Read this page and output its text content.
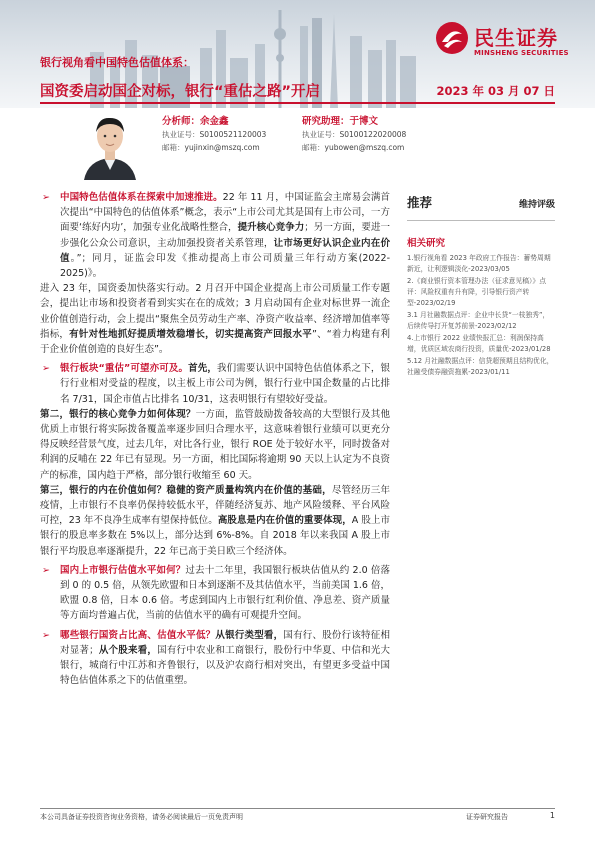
民生证券
MINSHENG SECURITIES
银行视角看中国特色估值体系：
国资委启动国企对标，银行“重估之路”开启	2023 年 03 月 07 日
分析师：余金鑫
执业证号：S0100521120003
邮箱：yujinxin@mszq.com
研究助理：于博文
执业证号：S0100122020008
邮箱：yubowen@mszq.com
➢ 中国特色估值体系在探索中加速推进。22 年 11 月，中国证监会主席易会满首次提出“中国特色的估值体系”概念，表示“上市公司尤其是国有上市公司，一方面要‘练好内功’，加强专业化战略性整合，提升核心竞争力；另一方面，要进一步强化公众公司意识，主动加强投资者关系管理，让市场更好认识企业内在价值。”；同月，证监会印发《推动提高上市公司质量三年行动方案(2022-2025)》。
进入 23 年，国资委加快落实行动。2 月召开中国企业提高上市公司质量工作专题会，提出让市场和投资者看到实实在在的成效；3 月启动国有企业对标世界一流企业价值创造行动，会上提出“聚焦全员劳动生产率、净资产收益率、经济增加值率等指标，有针对性地抓好提质增效稳增长，切实提高资产回报水平”、“着力构建有利于企业价值创造的良好生态”。
➢ 银行板块“重估”可望亦可及。首先，我们需要认识中国特色估值体系之下，银行行业相对受益的程度，以主板上市公司为例，银行行业中国企数量的占比排名 7/31，国企市值占比排名 10/31，这表明银行有望较好受益。
第二，银行的核心竞争力如何体现？一方面，监管鼓励拨备较高的大型银行及其他优质上市银行将实际拨备覆盖率逐步回归合理水平，这意味着银行业绩可以更充分得反映经营景气度，过去几年，对比各行业，银行 ROE 处于较好水平，同时拨备对利润的反哺在 22 年已有显现。另一方面，相比国际将逾期 90 天以上认定为不良资产的标准，国内趋于严格，部分银行收缩至 60 天。
第三，银行的内在价值如何？稳健的资产质量构筑内在价值的基础，尽管经历三年疫情，上市银行不良率仍保持较低水平，伴随经济复苏、地产风险缓释、平台风险可控，23 年不良净生成率有望保持低位。高股息是内在价值的重要体现，A 股上市银行的股息率多数在 5%以上，部分达到 6%-8%。自 2018 年以来我国 A 股上市银行平均股息率逐渐提升，22 年已高于美日欧三个经济体。
➢ 国内上市银行估值水平如何？过去十二年里，我国银行板块估值从约 2.0 倍落到 0 的 0.5 倍，从领先欧盟和日本到逐渐不及其估值水平，当前美国 1.6 倍，欧盟 0.8 倍，日本 0.6 倍。考虑到国内上市银行红利价值、净息差、资产质量等方面均普遍占优，当前的估值水平的确有可观提升空间。
➢ 哪些银行国资占比高、估值水平低？从银行类型看，国有行、股份行该特征相对显著；从个股来看，国有行中农业和工商银行，股份行中华夏、中信和光大银行，城商行中江苏和齐鲁银行，以及沪农商行相对突出，有望更多受益中国特色估值体系之下的估值重塑。
推荐	维持评级
相关研究
1.银行视角看 2023 年政府工作报告：蓄势周期新近，让利逻辑淡化-2023/03/05
2.《商业银行资本管理办法（征求意见稿）》点评：风险权重有升有降，引导银行资产转型-2023/02/19
3.1 月社融数据点评：企业中长贷“一枝独秀”，后续传导打开复苏前景-2023/02/12
4.上市银行 2022 业绩快报汇总：利润保持高增，优质区域农商行投资，质量优-2023/01/28
5.12 月社融数据点评：信贷超预期且结构优化，社融受债券融资拖累-2023/01/11
本公司具备证券投资咨询业务资格，请务必阅读最后一页免责声明	证券研究报告	1
